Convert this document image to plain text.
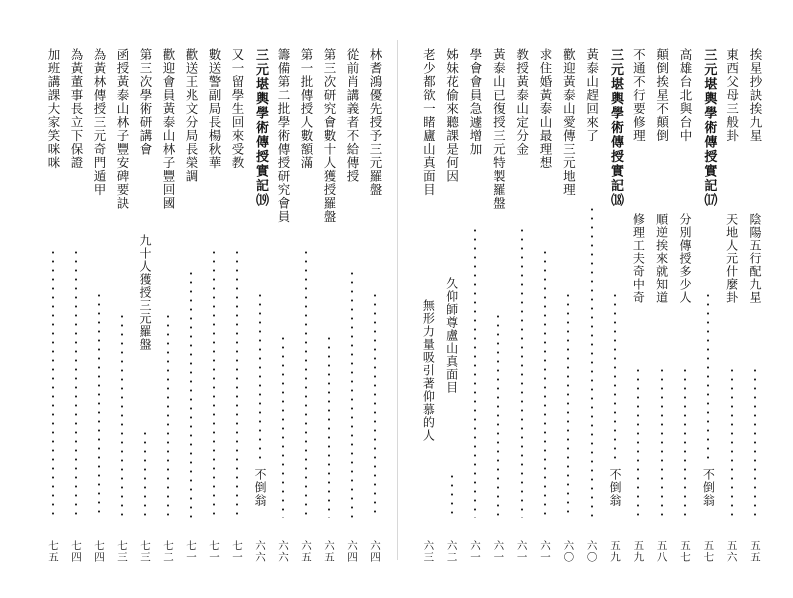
林耆鴻優先授予三元羅盤
六四
從前肖講義者不給傳授
六四
第三次研究會數十人獲授羅盤
六五
第一批傳授人數額滿
六五
籌備第二批學術傳授研究會員
六六
三元堪輿學術傳授實記⒆
不倒翁
六六
又一留學生回來受教
七一
數送警副局長楊秋華
七一
歡送王兆文分局長榮調
七一
歡迎會員黃泰山林子豐回國
七二
第三次學術研講會
九十人獲授三元羅盤
七三
函授黃泰山林子豐安碑要訣
七三
為黃林傳授三元奇門遁甲
七四
為黃董事長立下保證
七四
加班講課大家笑咪咪
七五
挨星抄訣挨九星
陰陽五行配九星
五五
東西父母三般卦
天地人元什麼卦
五六
三元堪輿學術傳授實記⒄
不倒翁
五七
高雄台北與台中
分別傳授多少人
五七
顛倒挨星不顛倒
順逆挨來就知道
五八
不通不行要修理
修理工夫奇中奇
五九
三元堪輿學術傳授實記⒅
不倒翁
五九
黃泰山趕回來了
六〇
歡迎黃泰山愛傳三元地理
六〇
求住婚黃泰山最理想
六一
教授黃泰山定分金
六一
黃泰山已復授三元特製羅盤
六一
學會會員急遽增加
六一
姊妹花偷來聽課是何因
久仰師尊盧山真面目
六二
老少都欲一睹廬山真面目
無形力量吸引著仰慕的人
六三
